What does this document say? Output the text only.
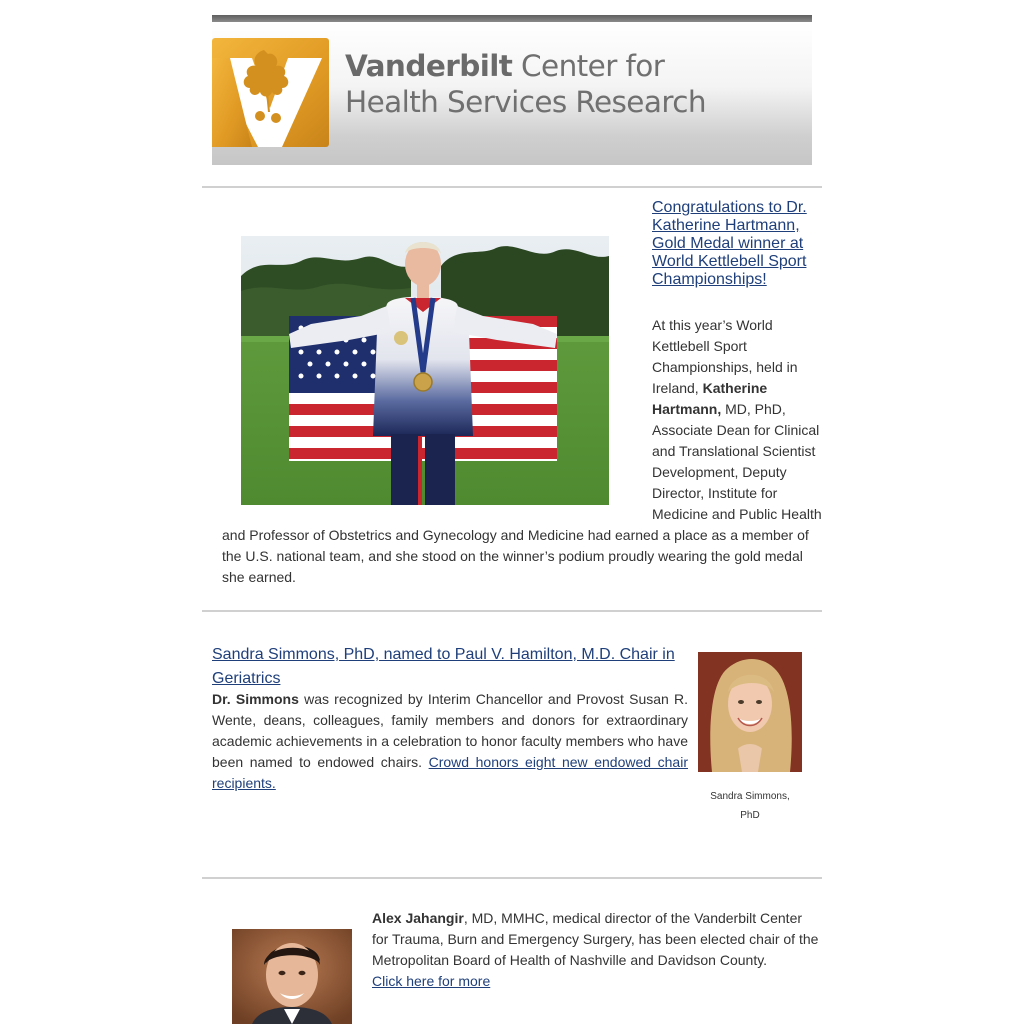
Vanderbilt Center for
Health Services Research
Congratulations to Dr. Katherine Hartmann, Gold Medal winner at World Kettlebell Sport Championships!
At this year’s World Kettlebell Sport Championships, held in Ireland, Katherine Hartmann, MD, PhD, Associate Dean for Clinical and Translational Scientist Development, Deputy Director, Institute for Medicine and Public Health
and Professor of Obstetrics and Gynecology and Medicine had earned a place as a member of the U.S. national team, and she stood on the winner’s podium proudly wearing the gold medal she earned.
Sandra Simmons, PhD, named to Paul V. Hamilton, M.D. Chair in Geriatrics
Dr. Simmons was recognized by Interim Chancellor and Provost Susan R. Wente, deans, colleagues, family members and donors for extraordinary academic achievements in a celebration to honor faculty members who have been named to endowed chairs. Crowd honors eight new endowed chair recipients.
Sandra Simmons,
PhD
Alex Jahangir, MD, MMHC, medical director of the Vanderbilt Center for Trauma, Burn and Emergency Surgery, has been elected chair of the Metropolitan Board of Health of Nashville and Davidson County.
Click here for more
